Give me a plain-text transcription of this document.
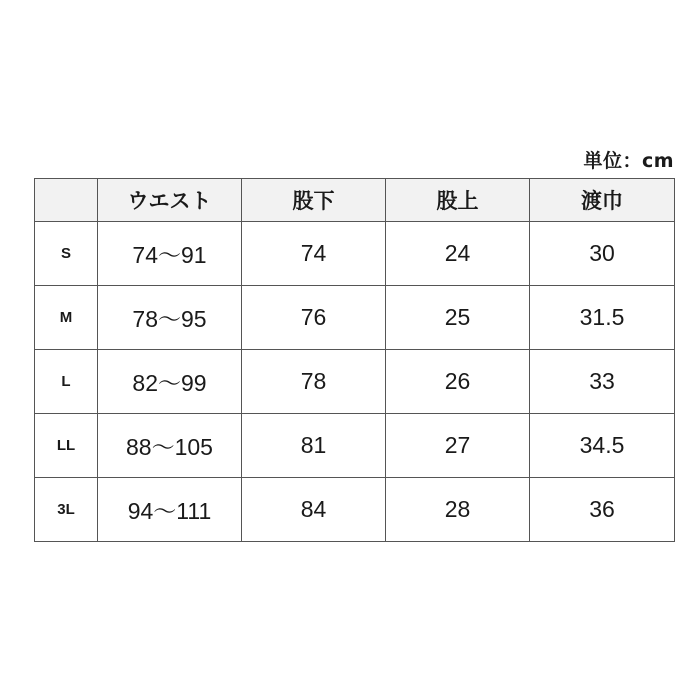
単位：cm
	ウエスト	股下	股上	渡巾
S	74～91	74	24	30
M	78～95	76	25	31.5
L	82～99	78	26	33
LL	88～105	81	27	34.5
3L	94～111	84	28	36
